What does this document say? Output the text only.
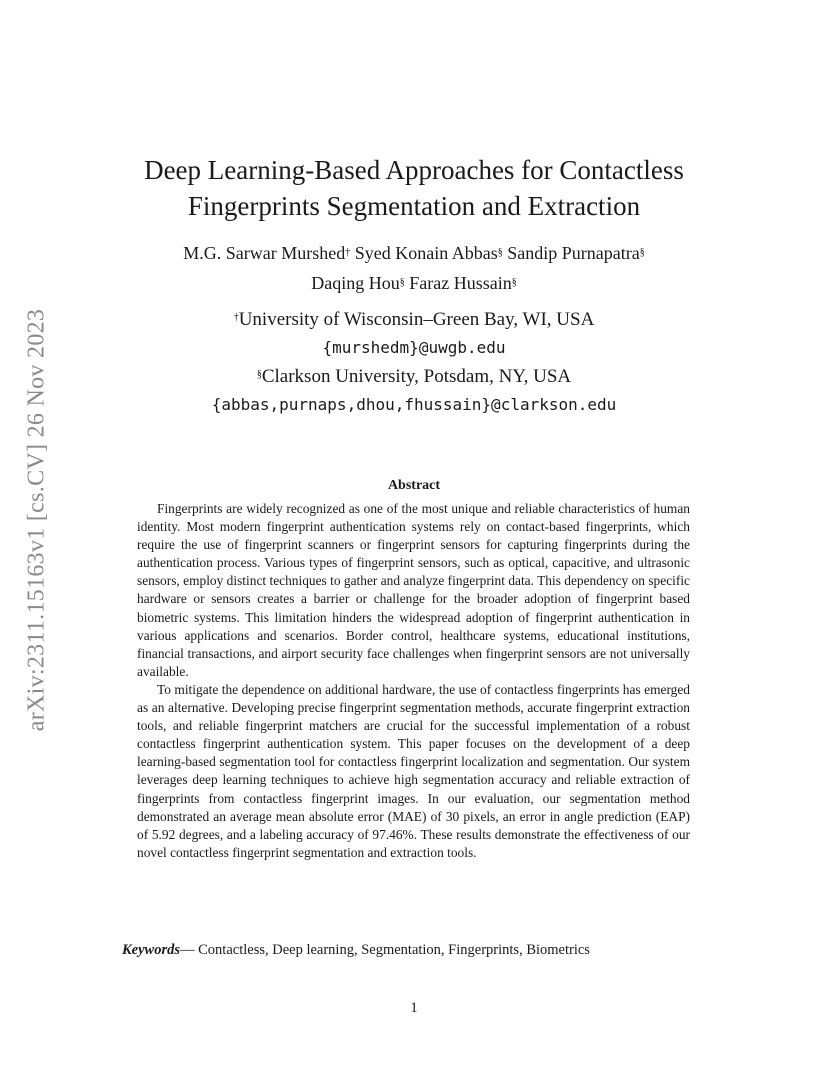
arXiv:2311.15163v1 [cs.CV] 26 Nov 2023
Deep Learning-Based Approaches for Contactless
Fingerprints Segmentation and Extraction
M.G. Sarwar Murshed† Syed Konain Abbas§ Sandip Purnapatra§
Daqing Hou§ Faraz Hussain§
†University of Wisconsin–Green Bay, WI, USA
{murshedm}@uwgb.edu
§Clarkson University, Potsdam, NY, USA
{abbas,purnaps,dhou,fhussain}@clarkson.edu
Abstract

Fingerprints are widely recognized as one of the most unique and reliable characteristics of human identity. Most modern fingerprint authentication systems rely on contact-based fingerprints, which require the use of fingerprint scanners or fingerprint sensors for capturing fingerprints during the authentication process. Various types of fingerprint sensors, such as optical, capacitive, and ultrasonic sensors, employ distinct techniques to gather and analyze fingerprint data. This dependency on specific hardware or sensors creates a barrier or challenge for the broader adoption of fingerprint based biometric systems. This limitation hinders the widespread adoption of fingerprint authentication in various applications and scenarios. Border control, healthcare systems, educational institutions, financial transactions, and airport security face challenges when fingerprint sensors are not universally available.

To mitigate the dependence on additional hardware, the use of contactless fingerprints has emerged as an alternative. Developing precise fingerprint segmentation methods, accurate fingerprint extraction tools, and reliable fingerprint matchers are crucial for the successful implementation of a robust contactless fingerprint authentication system. This paper focuses on the development of a deep learning-based segmentation tool for contactless fingerprint localization and segmentation. Our system leverages deep learning techniques to achieve high segmentation accuracy and reliable extraction of fingerprints from contactless fingerprint images. In our evaluation, our segmentation method demonstrated an average mean absolute error (MAE) of 30 pixels, an error in angle prediction (EAP) of 5.92 degrees, and a labeling accuracy of 97.46%. These results demonstrate the effectiveness of our novel contactless fingerprint segmentation and extraction tools.

Keywords— Contactless, Deep learning, Segmentation, Fingerprints, Biometrics
1
